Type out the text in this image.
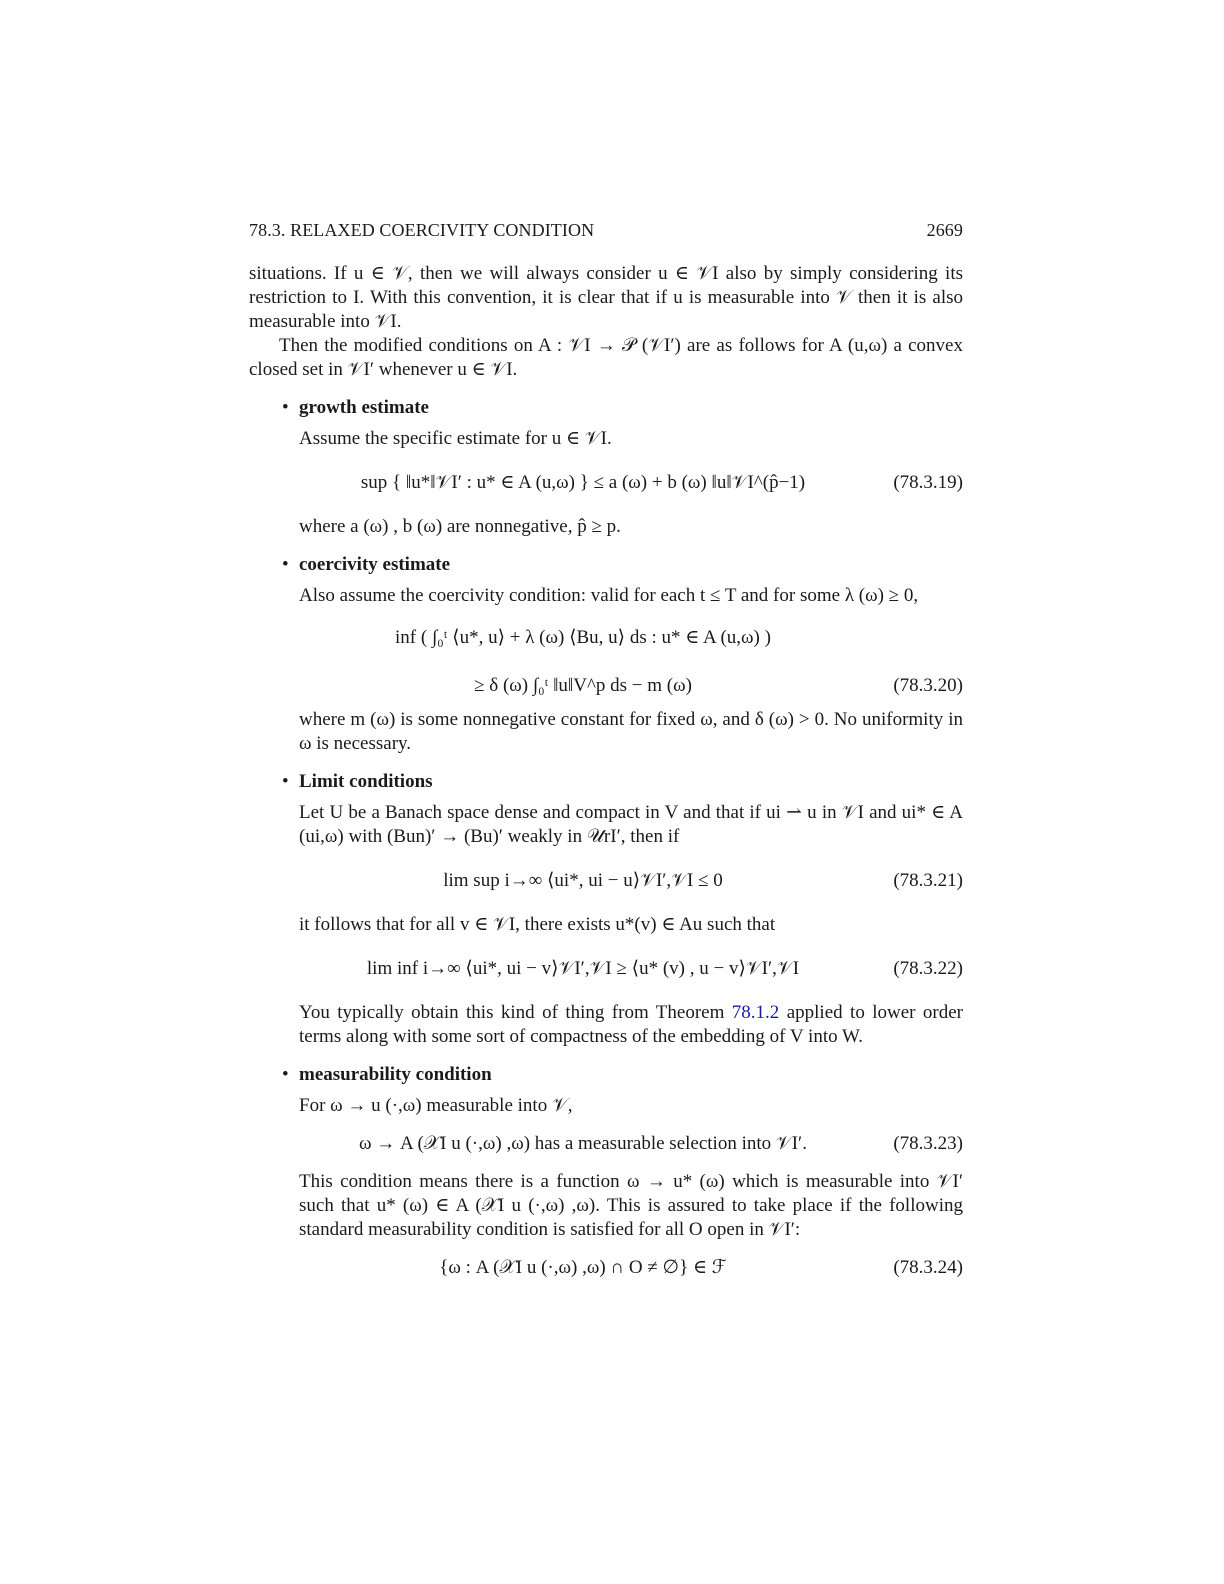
78.3. RELAXED COERCIVITY CONDITION	2669

situations. If u ∈ 𝒱, then we will always consider u ∈ 𝒱I also by simply considering its restriction to I. With this convention, it is clear that if u is measurable into 𝒱 then it is also measurable into 𝒱I.

Then the modified conditions on A : 𝒱I → 𝒫 (𝒱I′) are as follows for A (u,ω) a convex closed set in 𝒱I′ whenever u ∈ 𝒱I.

• growth estimate

Assume the specific estimate for u ∈ 𝒱I.

sup { ‖u*‖𝒱I′ : u* ∈ A (u,ω) } ≤ a (ω) + b (ω) ‖u‖𝒱I^(p̂−1)	(78.3.19)

where a (ω) , b (ω) are nonnegative, p̂ ≥ p.

• coercivity estimate

Also assume the coercivity condition: valid for each t ≤ T and for some λ (ω) ≥ 0,

inf ( ∫₀ᵗ ⟨u*, u⟩ + λ (ω) ⟨Bu, u⟩ ds : u* ∈ A (u,ω) )
≥ δ (ω) ∫₀ᵗ ‖u‖V^p ds − m (ω)	(78.3.20)

where m (ω) is some nonnegative constant for fixed ω, and δ (ω) > 0. No uniformity in ω is necessary.

• Limit conditions

Let U be a Banach space dense and compact in V and that if ui ⇀ u in 𝒱I and ui* ∈ A (ui,ω) with (Bun)′ → (Bu)′ weakly in 𝒰rI′, then if

lim sup i→∞ ⟨ui*, ui − u⟩𝒱I′,𝒱I ≤ 0	(78.3.21)

it follows that for all v ∈ 𝒱I, there exists u*(v) ∈ Au such that

lim inf i→∞ ⟨ui*, ui − v⟩𝒱I′,𝒱I ≥ ⟨u* (v) , u − v⟩𝒱I′,𝒱I	(78.3.22)

You typically obtain this kind of thing from Theorem 78.1.2 applied to lower order terms along with some sort of compactness of the embedding of V into W.

• measurability condition

For ω → u (·,ω) measurable into 𝒱,

ω → A (𝒳I u (·,ω) ,ω) has a measurable selection into 𝒱I′.	(78.3.23)

This condition means there is a function ω → u* (ω) which is measurable into 𝒱I′ such that u* (ω) ∈ A (𝒳I u (·,ω) ,ω). This is assured to take place if the following standard measurability condition is satisfied for all O open in 𝒱I′:

{ω : A (𝒳I u (·,ω) ,ω) ∩ O ≠ ∅} ∈ ℱ	(78.3.24)
